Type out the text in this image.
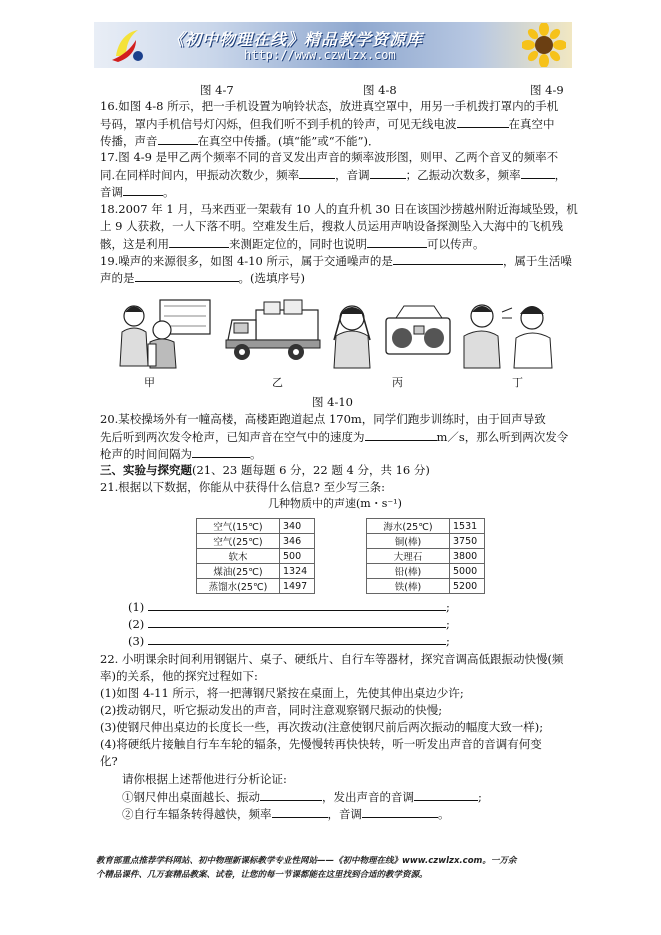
《初中物理在线》精品教学资源库
http://www.czwlzx.com
图 4-7	图 4-8	图 4-9
16.如图 4-8 所示，把一手机设置为响铃状态，放进真空罩中，用另一手机拨打罩内的手机
号码，罩内手机信号灯闪烁，但我们听不到手机的铃声，可见无线电波	在真空中
传播，声音	在真空中传播。(填“能”或“不能”)．
17.图 4-9 是甲乙两个频率不同的音叉发出声音的频率波形图，则甲、乙两个音叉的频率不
同.在同样时间内，甲振动次数少，频率	，音调	；乙振动次数多，频率	，
音调	。
18.2007 年 1 月，马来西亚一架载有 10 人的直升机 30 日在该国沙捞越州附近海域坠毁，机
上 9 人获救，一人下落不明。空难发生后，搜救人员运用声呐设备探测坠入大海中的飞机残
骸，这是利用	来测距定位的，同时也说明	可以传声。
19.噪声的来源很多，如图 4-10 所示，属于交通噪声的是	，属于生活噪
声的是	。(选填序号)
甲	乙	丙	丁
图 4-10
20.某校操场外有一幢高楼，高楼距跑道起点 170m，同学们跑步训练时，由于回声导致
先后听到两次发令枪声，已知声音在空气中的速度为	m／s，那么听到两次发令
枪声的时间间隔为	。
三、实验与探究题(21、23 题每题 6 分，22 题 4 分，共 16 分)
21.根据以下数据，你能从中获得什么信息? 至少写三条:
几种物质中的声速(m・s⁻¹)
空气(15℃)	340
空气(25℃)	346
软木	500
煤油(25℃)	1324
蒸馏水(25℃)	1497
海水(25℃)	1531
铜(棒)	3750
大理石	3800
铅(棒)	5000
铁(棒)	5200
(1)	;
(2)	;
(3)	;
22. 小明课余时间利用钢锯片、桌子、硬纸片、自行车等器材，探究音调高低跟振动快慢(频
率)的关系，他的探究过程如下:
(1)如图 4-11 所示，将一把薄钢尺紧按在桌面上，先使其伸出桌边少许;
(2)拨动钢尺，听它振动发出的声音，同时注意观察钢尺振动的快慢;
(3)使钢尺伸出桌边的长度长一些，再次拨动(注意使钢尺前后两次振动的幅度大致一样);
(4)将硬纸片接触自行车车轮的辐条，先慢慢转再快快转，听一听发出声音的音调有何变
化?
请你根据上述帮他进行分析论证:
①钢尺伸出桌面越长、振动	，发出声音的音调	;
②自行车辐条转得越快，频率	，音调	。
教育部重点推荐学科网站、初中物理新课标教学专业性网站——《初中物理在线》www.czwlzx.com。一万余
个精品课件、几万套精品教案、试卷，让您的每一节课都能在这里找到合适的教学资源。
